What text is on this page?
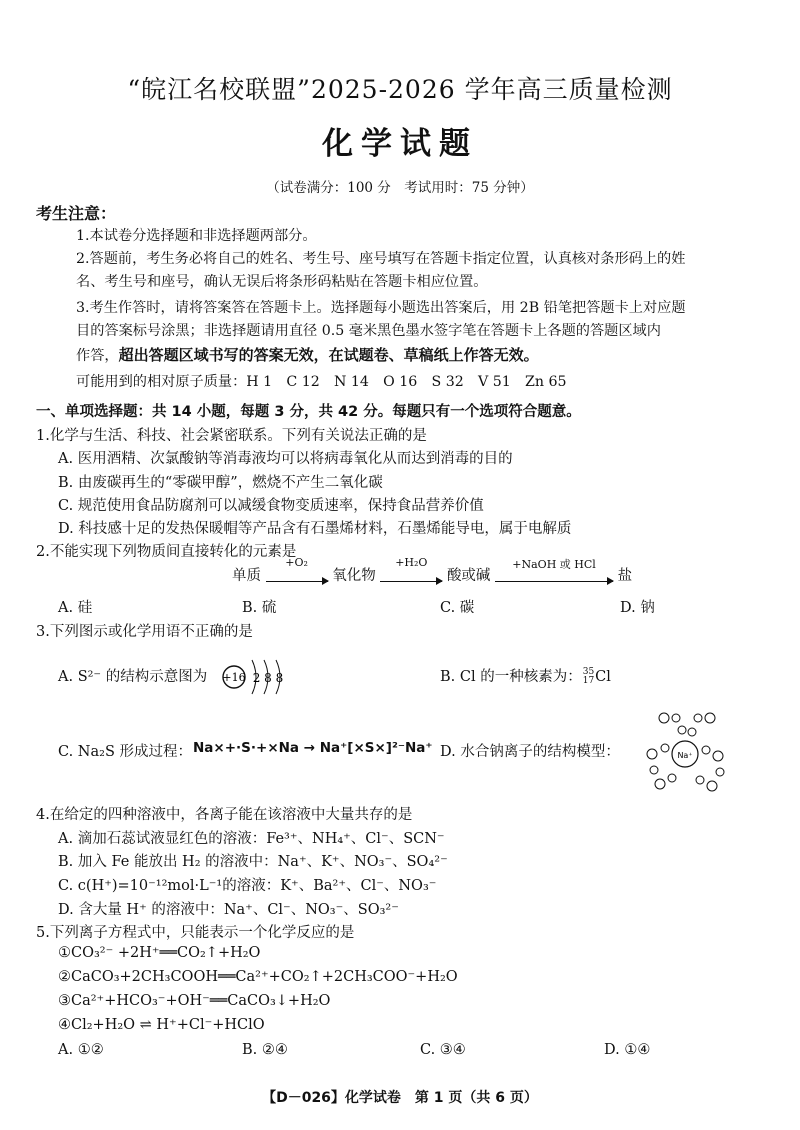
“皖江名校联盟”2025-2026 学年高三质量检测
化学试题
（试卷满分：100 分　考试用时：75 分钟）
考生注意：
1.本试卷分选择题和非选择题两部分。
2.答题前，考生务必将自己的姓名、考生号、座号填写在答题卡指定位置，认真核对条形码上的姓
名、考生号和座号，确认无误后将条形码粘贴在答题卡相应位置。
3.考生作答时，请将答案答在答题卡上。选择题每小题选出答案后，用 2B 铅笔把答题卡上对应题
目的答案标号涂黑；非选择题请用直径 0.5 毫米黑色墨水签字笔在答题卡上各题的答题区域内
作答，超出答题区域书写的答案无效，在试题卷、草稿纸上作答无效。
可能用到的相对原子质量：H 1　C 12　N 14　O 16　S 32　V 51　Zn 65
一、单项选择题：共 14 小题，每题 3 分，共 42 分。每题只有一个选项符合题意。
1.化学与生活、科技、社会紧密联系。下列有关说法正确的是
A. 医用酒精、次氯酸钠等消毒液均可以将病毒氧化从而达到消毒的目的
B. 由废碳再生的“零碳甲醇”，燃烧不产生二氧化碳
C. 规范使用食品防腐剂可以减缓食物变质速率，保持食品营养价值
D. 科技感十足的发热保暖帽等产品含有石墨烯材料，石墨烯能导电，属于电解质
2.不能实现下列物质间直接转化的元素是
单质
+O₂
氧化物
+H₂O
酸或碱
+NaOH 或 HCl
盐
A. 硅	B. 硫	C. 碳	D. 钠
3.下列图示或化学用语不正确的是
A. S²⁻ 的结构示意图为 +16 2 8 8	B. Cl 的一种核素为：35
17Cl
C. Na₂S 形成过程： Na×+·S·+×Na → Na⁺[×S×]²⁻Na⁺ D. 水合钠离子的结构模型：	Na⁺
4.在给定的四种溶液中，各离子能在该溶液中大量共存的是
A. 滴加石蕊试液显红色的溶液：Fe³⁺、NH₄⁺、Cl⁻、SCN⁻
B. 加入 Fe 能放出 H₂ 的溶液中：Na⁺、K⁺、NO₃⁻、SO₄²⁻
C. c(H⁺)=10⁻¹²mol·L⁻¹的溶液：K⁺、Ba²⁺、Cl⁻、NO₃⁻
D. 含大量 H⁺ 的溶液中：Na⁺、Cl⁻、NO₃⁻、SO₃²⁻
5.下列离子方程式中，只能表示一个化学反应的是
①CO₃²⁻ +2H⁺══CO₂↑+H₂O
②CaCO₃+2CH₃COOH══Ca²⁺+CO₂↑+2CH₃COO⁻+H₂O
③Ca²⁺+HCO₃⁻+OH⁻══CaCO₃↓+H₂O
④Cl₂+H₂O ⇌ H⁺+Cl⁻+HClO
A. ①②	B. ②④	C. ③④	D. ①④
【D－026】化学试卷　第 1 页（共 6 页）
